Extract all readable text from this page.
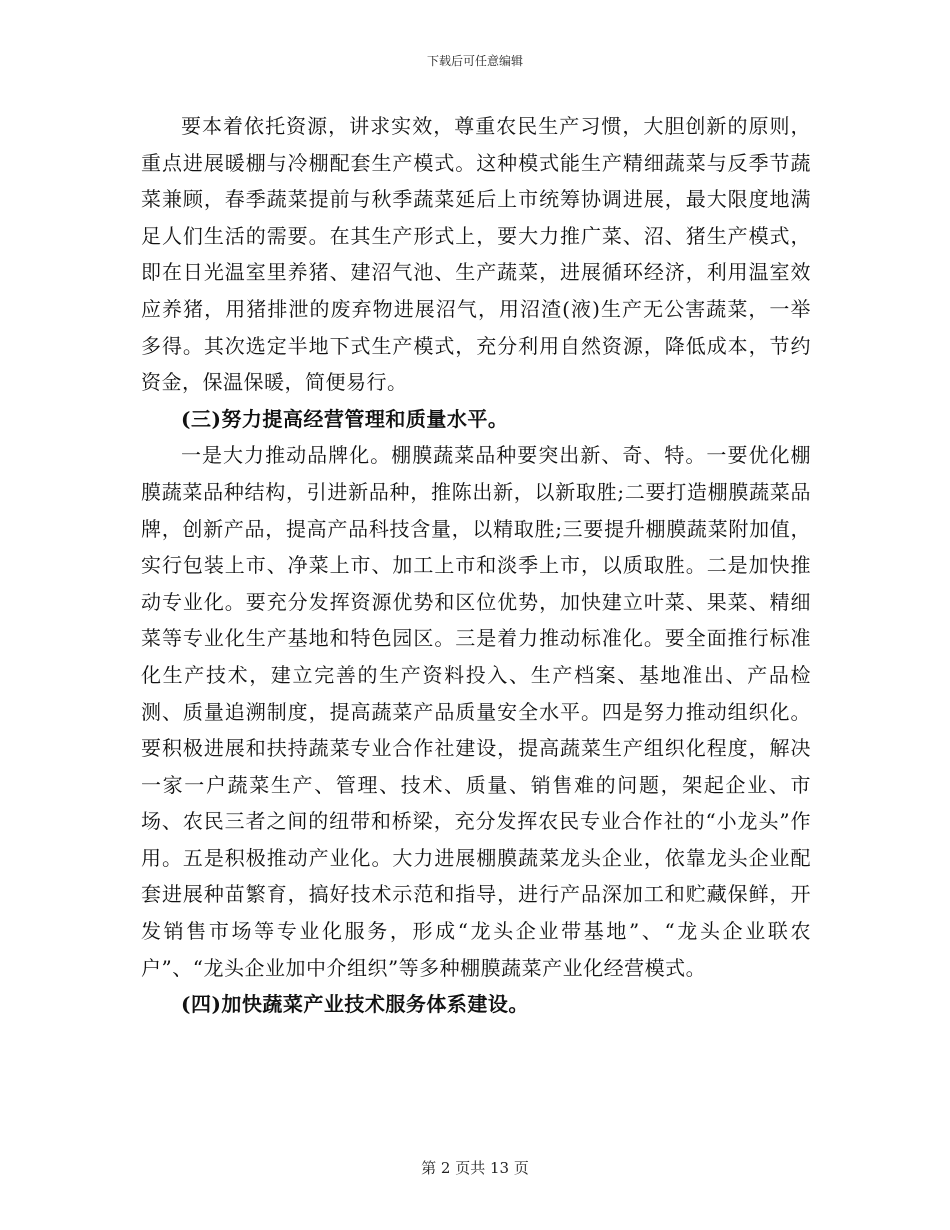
下载后可任意编辑

要本着依托资源，讲求实效，尊重农民生产习惯，大胆创新的原则，重点进展暖棚与冷棚配套生产模式。这种模式能生产精细蔬菜与反季节蔬菜兼顾，春季蔬菜提前与秋季蔬菜延后上市统筹协调进展，最大限度地满足人们生活的需要。在其生产形式上，要大力推广菜、沼、猪生产模式，即在日光温室里养猪、建沼气池、生产蔬菜，进展循环经济，利用温室效应养猪，用猪排泄的废弃物进展沼气，用沼渣(液)生产无公害蔬菜，一举多得。其次选定半地下式生产模式，充分利用自然资源，降低成本，节约资金，保温保暖，简便易行。

(三)努力提高经营管理和质量水平。

一是大力推动品牌化。棚膜蔬菜品种要突出新、奇、特。一要优化棚膜蔬菜品种结构，引进新品种，推陈出新，以新取胜;二要打造棚膜蔬菜品牌，创新产品，提高产品科技含量，以精取胜;三要提升棚膜蔬菜附加值，实行包装上市、净菜上市、加工上市和淡季上市，以质取胜。二是加快推动专业化。要充分发挥资源优势和区位优势，加快建立叶菜、果菜、精细菜等专业化生产基地和特色园区。三是着力推动标准化。要全面推行标准化生产技术，建立完善的生产资料投入、生产档案、基地准出、产品检测、质量追溯制度，提高蔬菜产品质量安全水平。四是努力推动组织化。要积极进展和扶持蔬菜专业合作社建设，提高蔬菜生产组织化程度，解决一家一户蔬菜生产、管理、技术、质量、销售难的问题，架起企业、市场、农民三者之间的纽带和桥梁，充分发挥农民专业合作社的“小龙头”作用。五是积极推动产业化。大力进展棚膜蔬菜龙头企业，依靠龙头企业配套进展种苗繁育，搞好技术示范和指导，进行产品深加工和贮藏保鲜，开发销售市场等专业化服务，形成“龙头企业带基地”、“龙头企业联农户”、“龙头企业加中介组织”等多种棚膜蔬菜产业化经营模式。

(四)加快蔬菜产业技术服务体系建设。

第 2 页共 13 页
